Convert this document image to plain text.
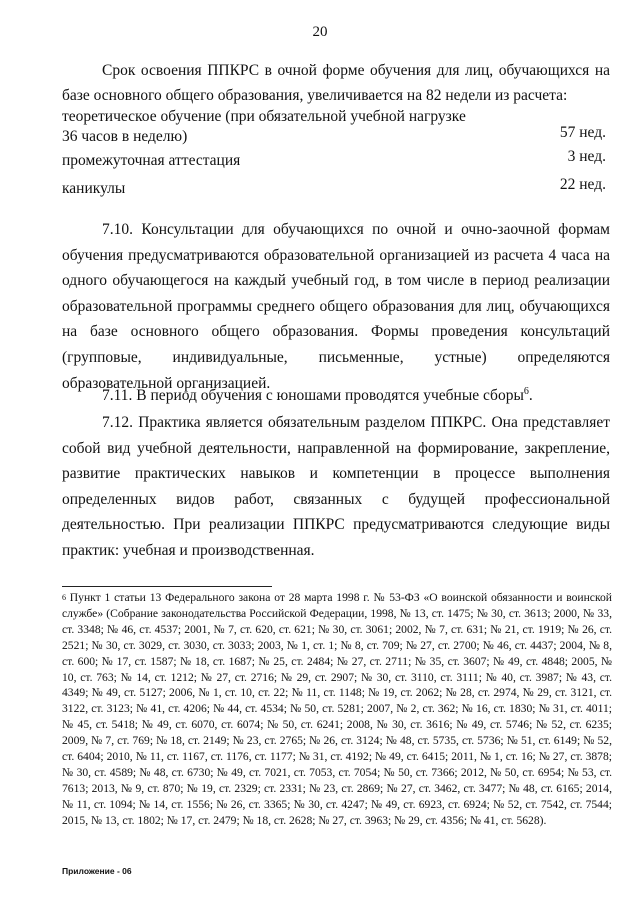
20
Срок освоения ППКРС в очной форме обучения для лиц, обучающихся на базе основного общего образования, увеличивается на 82 недели из расчета:
теоретическое обучение (при обязательной учебной нагрузке
36 часов в неделю)	57 нед.
промежуточная аттестация	3 нед.
каникулы	22 нед.
7.10. Консультации для обучающихся по очной и очно-заочной формам обучения предусматриваются образовательной организацией из расчета 4 часа на одного обучающегося на каждый учебный год, в том числе в период реализации образовательной программы среднего общего образования для лиц, обучающихся на базе основного общего образования. Формы проведения консультаций (групповые, индивидуальные, письменные, устные) определяются образовательной организацией.
7.11. В период обучения с юношами проводятся учебные сборы$^6$.
7.12. Практика является обязательным разделом ППКРС. Она представляет собой вид учебной деятельности, направленной на формирование, закрепление, развитие практических навыков и компетенции в процессе выполнения определенных видов работ, связанных с будущей профессиональной деятельностью. При реализации ППКРС предусматриваются следующие виды практик: учебная и производственная.
$^6$ Пункт 1 статьи 13 Федерального закона от 28 марта 1998 г. № 53-ФЗ «О воинской обязанности и воинской службе» (Собрание законодательства Российской Федерации, 1998, № 13, ст. 1475; № 30, ст. 3613; 2000, № 33, ст. 3348; № 46, ст. 4537; 2001, № 7, ст. 620, ст. 621; № 30, ст. 3061; 2002, № 7, ст. 631; № 21, ст. 1919; № 26, ст. 2521; № 30, ст. 3029, ст. 3030, ст. 3033; 2003, № 1, ст. 1; № 8, ст. 709; № 27, ст. 2700; № 46, ст. 4437; 2004, № 8, ст. 600; № 17, ст. 1587; № 18, ст. 1687; № 25, ст. 2484; № 27, ст. 2711; № 35, ст. 3607; № 49, ст. 4848; 2005, № 10, ст. 763; № 14, ст. 1212; № 27, ст. 2716; № 29, ст. 2907; № 30, ст. 3110, ст. 3111; № 40, ст. 3987; № 43, ст. 4349; № 49, ст. 5127; 2006, № 1, ст. 10, ст. 22; № 11, ст. 1148; № 19, ст. 2062; № 28, ст. 2974, № 29, ст. 3121, ст. 3122, ст. 3123; № 41, ст. 4206; № 44, ст. 4534; № 50, ст. 5281; 2007, № 2, ст. 362; № 16, ст. 1830; № 31, ст. 4011; № 45, ст. 5418; № 49, ст. 6070, ст. 6074; № 50, ст. 6241; 2008, № 30, ст. 3616; № 49, ст. 5746; № 52, ст. 6235; 2009, № 7, ст. 769; № 18, ст. 2149; № 23, ст. 2765; № 26, ст. 3124; № 48, ст. 5735, ст. 5736; № 51, ст. 6149; № 52, ст. 6404; 2010, № 11, ст. 1167, ст. 1176, ст. 1177; № 31, ст. 4192; № 49, ст. 6415; 2011, № 1, ст. 16; № 27, ст. 3878; № 30, ст. 4589; № 48, ст. 6730; № 49, ст. 7021, ст. 7053, ст. 7054; № 50, ст. 7366; 2012, № 50, ст. 6954; № 53, ст. 7613; 2013, № 9, ст. 870; № 19, ст. 2329; ст. 2331; № 23, ст. 2869; № 27, ст. 3462, ст. 3477; № 48, ст. 6165; 2014, № 11, ст. 1094; № 14, ст. 1556; № 26, ст. 3365; № 30, ст. 4247; № 49, ст. 6923, ст. 6924; № 52, ст. 7542, ст. 7544; 2015, № 13, ст. 1802; № 17, ст. 2479; № 18, ст. 2628; № 27, ст. 3963; № 29, ст. 4356; № 41, ст. 5628).
Приложение - 06
